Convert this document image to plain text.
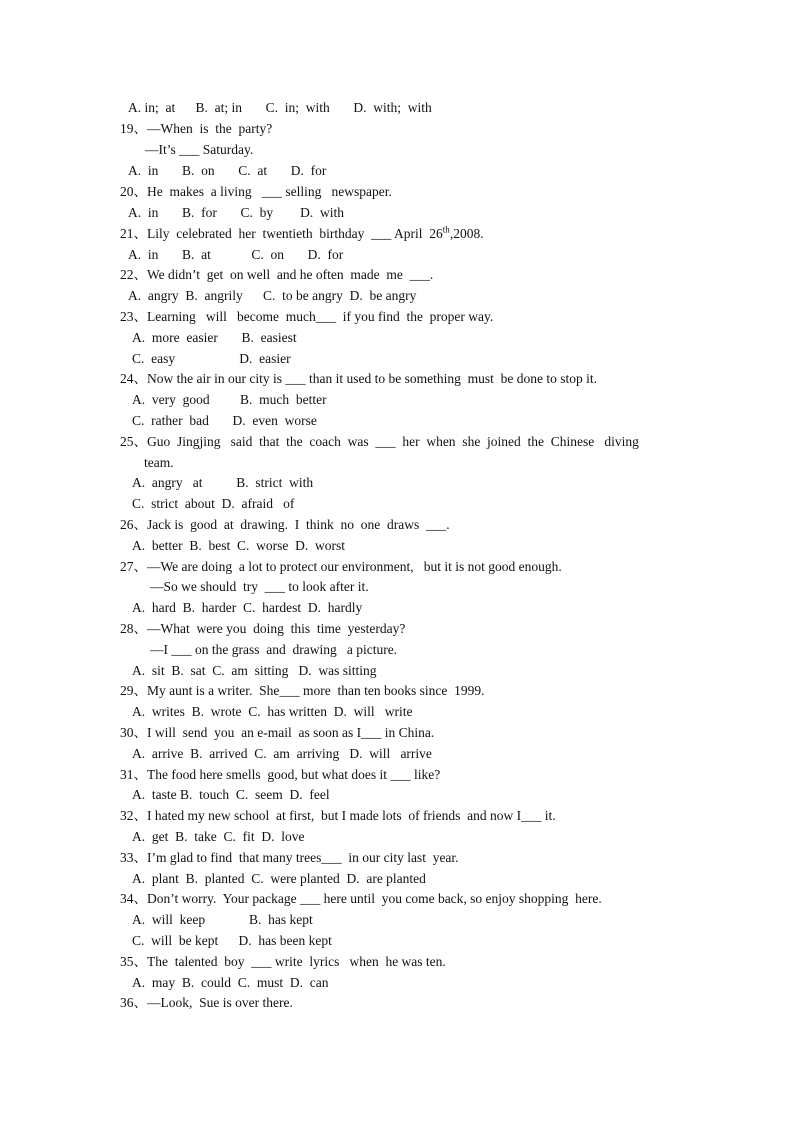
A. in;  at      B.  at; in       C.  in;  with       D.  with;  with
19、—When  is  the  party?
—It’s ___ Saturday.
A.  in       B.  on       C.  at       D.  for
20、He  makes  a living   ___ selling   newspaper.
A.  in       B.  for       C.  by        D.  with
21、Lily  celebrated  her  twentieth  birthday  ___ April  26th,2008.
A.  in       B.  at            C.  on       D.  for
22、We didn’t  get  on well  and he often  made  me  ___.
A.  angry  B.  angrily      C.  to be angry  D.  be angry
23、Learning   will   become  much___  if you find  the  proper way.
A.  more  easier       B.  easiest
C.  easy                   D.  easier
24、Now the air in our city is ___ than it used to be something  must  be done to stop it.
A.  very  good         B.  much  better
C.  rather  bad       D.  even  worse
25、Guo  Jingjing   said  that  the  coach  was  ___  her  when  she  joined  the  Chinese   diving
team.
A.  angry   at          B.  strict  with
C.  strict  about  D.  afraid   of
26、Jack is  good  at  drawing.  I  think  no  one  draws  ___.
A.  better  B.  best  C.  worse  D.  worst
27、—We are doing  a lot to protect our environment,   but it is not good enough.
—So we should  try  ___ to look after it.
A.  hard  B.  harder  C.  hardest  D.  hardly
28、—What  were you  doing  this  time  yesterday?
—I ___ on the grass  and  drawing   a picture.
A.  sit  B.  sat  C.  am  sitting   D.  was sitting
29、My aunt is a writer.  She___ more  than ten books since  1999.
A.  writes  B.  wrote  C.  has written  D.  will   write
30、I will  send  you  an e-mail  as soon as I___ in China.
A.  arrive  B.  arrived  C.  am  arriving   D.  will   arrive
31、The food here smells  good, but what does it ___ like?
A.  taste B.  touch  C.  seem  D.  feel
32、I hated my new school  at first,  but I made lots  of friends  and now I___ it.
A.  get  B.  take  C.  fit  D.  love
33、I’m glad to find  that many trees___  in our city last  year.
A.  plant  B.  planted  C.  were planted  D.  are planted
34、Don’t worry.  Your package ___ here until  you come back, so enjoy shopping  here.
A.  will  keep             B.  has kept
C.  will  be kept      D.  has been kept
35、The  talented  boy  ___ write  lyrics   when  he was ten.
A.  may  B.  could  C.  must  D.  can
36、—Look,  Sue is over there.
